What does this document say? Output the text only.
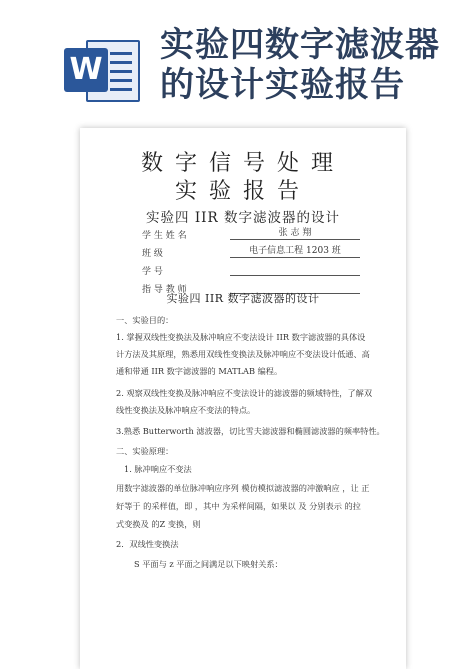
W
实验四数字滤波器
的设计实验报告
数字信号处理
实验报告
实验四 IIR 数字滤波器的设计
学 生 姓 名	张 志 翔
班 级	电子信息工程 1203 班
学 号
指 导 教 师
实验四 IIR 数字滤波器的设计
一、实验目的：
1. 掌握双线性变换法及脉冲响应不变法设计 IIR 数字滤波器的具体设
计方法及其原理，熟悉用双线性变换法及脉冲响应不变法设计低通、高
通和带通 IIR 数字滤波器的 MATLAB 编程。
2. 观察双线性变换及脉冲响应不变法设计的滤波器的频域特性，了解双
线性变换法及脉冲响应不变法的特点。
3.熟悉 Butterworth 滤波器，切比雪夫滤波器和椭圆滤波器的频率特性。
二、实验原理：
1. 脉冲响应不变法
用数字滤波器的单位脉冲响应序列 模仿模拟滤波器的冲激响应 ，让 正
好等于 的采样值，即 ，其中 为采样间隔，如果以 及 分别表示 的拉
式变换及 的Z 变换，则
2．双线性变换法
S 平面与 z 平面之间满足以下映射关系：
